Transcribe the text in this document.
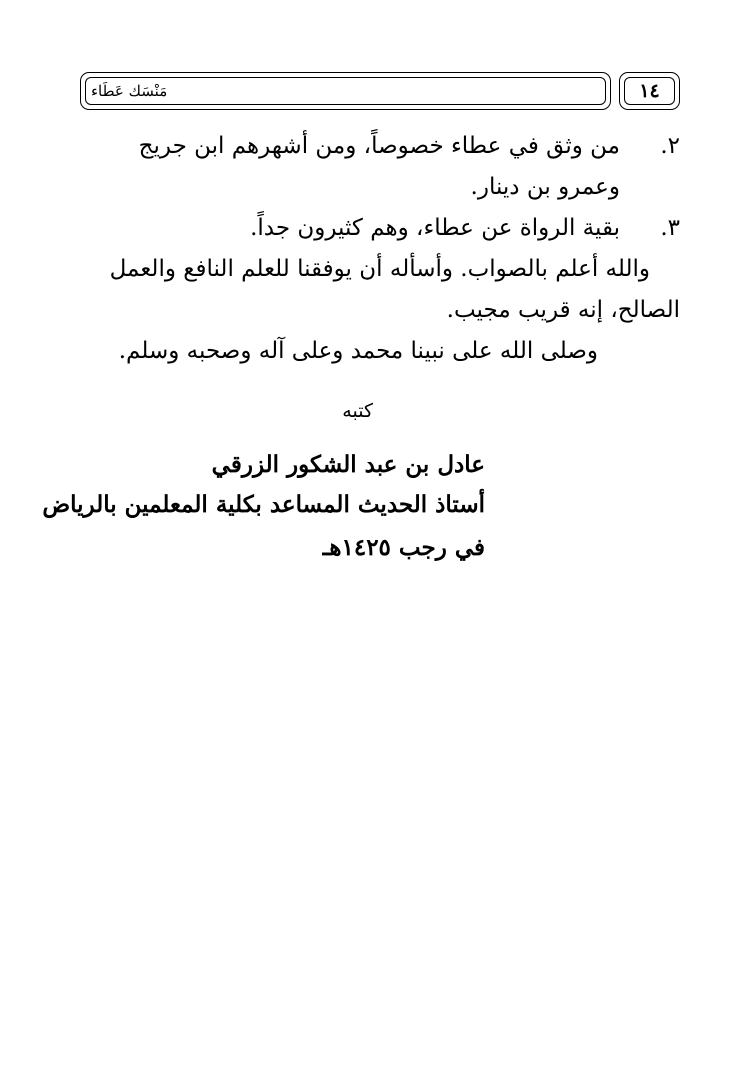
مَنْسَك عَطَاء	١٤

٢.
من وثق في عطاء خصوصاً، ومن أشهرهم ابن جريج وعمرو بن دينار.

٣.
بقية الرواة عن عطاء، وهم كثيرون جداً.

والله أعلم بالصواب. وأسأله أن يوفقنا للعلم النافع والعمل الصالح، إنه قريب مجيب.

وصلى الله على نبينا محمد وعلى آله وصحبه وسلم.

كتبه
عادل بن عبد الشكور الزرقي
أستاذ الحديث المساعد بكلية المعلمين بالرياض
في رجب ١٤٢٥هـ
